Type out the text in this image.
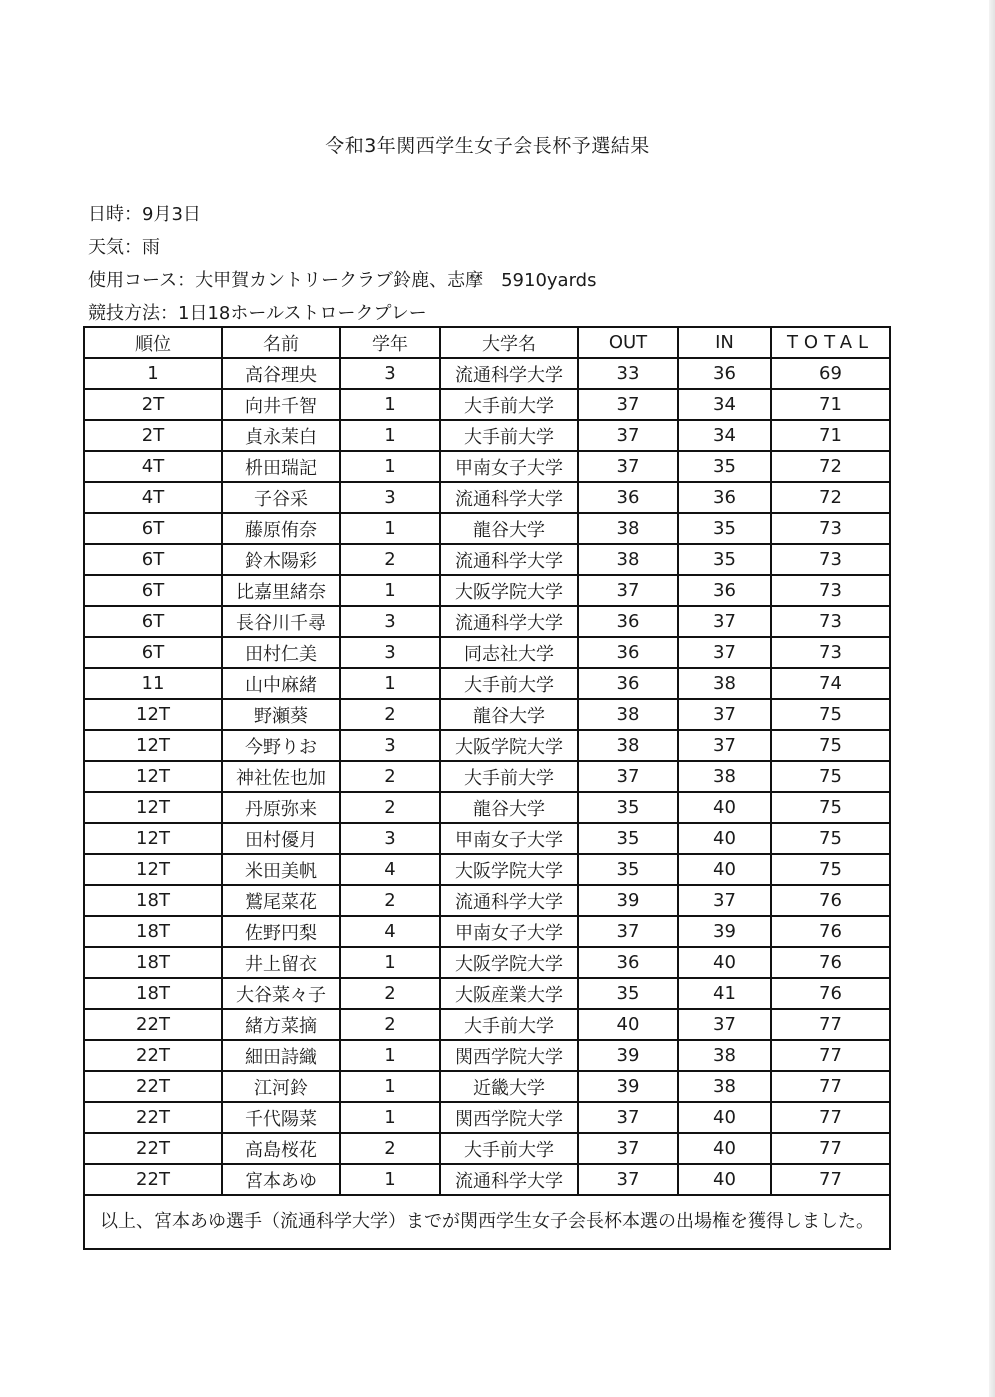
令和3年関西学生女子会長杯予選結果
日時：9月3日
天気：雨
使用コース：大甲賀カントリークラブ鈴鹿、志摩　5910yards
競技方法：1日18ホールストロークプレー
順位	名前	学年	大学名	OUT	IN	TOTAL
1	高谷理央	3	流通科学大学	33	36	69
2T	向井千智	1	大手前大学	37	34	71
2T	貞永茉白	1	大手前大学	37	34	71
4T	枡田瑞記	1	甲南女子大学	37	35	72
4T	子谷采	3	流通科学大学	36	36	72
6T	藤原侑奈	1	龍谷大学	38	35	73
6T	鈴木陽彩	2	流通科学大学	38	35	73
6T	比嘉里緒奈	1	大阪学院大学	37	36	73
6T	長谷川千尋	3	流通科学大学	36	37	73
6T	田村仁美	3	同志社大学	36	37	73
11	山中麻緒	1	大手前大学	36	38	74
12T	野瀬葵	2	龍谷大学	38	37	75
12T	今野りお	3	大阪学院大学	38	37	75
12T	神社佐也加	2	大手前大学	37	38	75
12T	丹原弥来	2	龍谷大学	35	40	75
12T	田村優月	3	甲南女子大学	35	40	75
12T	米田美帆	4	大阪学院大学	35	40	75
18T	鷲尾菜花	2	流通科学大学	39	37	76
18T	佐野円梨	4	甲南女子大学	37	39	76
18T	井上留衣	1	大阪学院大学	36	40	76
18T	大谷菜々子	2	大阪産業大学	35	41	76
22T	緒方菜摘	2	大手前大学	40	37	77
22T	細田詩織	1	関西学院大学	39	38	77
22T	江河鈴	1	近畿大学	39	38	77
22T	千代陽菜	1	関西学院大学	37	40	77
22T	高島桜花	2	大手前大学	37	40	77
22T	宮本あゆ	1	流通科学大学	37	40	77
以上、宮本あゆ選手（流通科学大学）までが関西学生女子会長杯本選の出場権を獲得しました。						
